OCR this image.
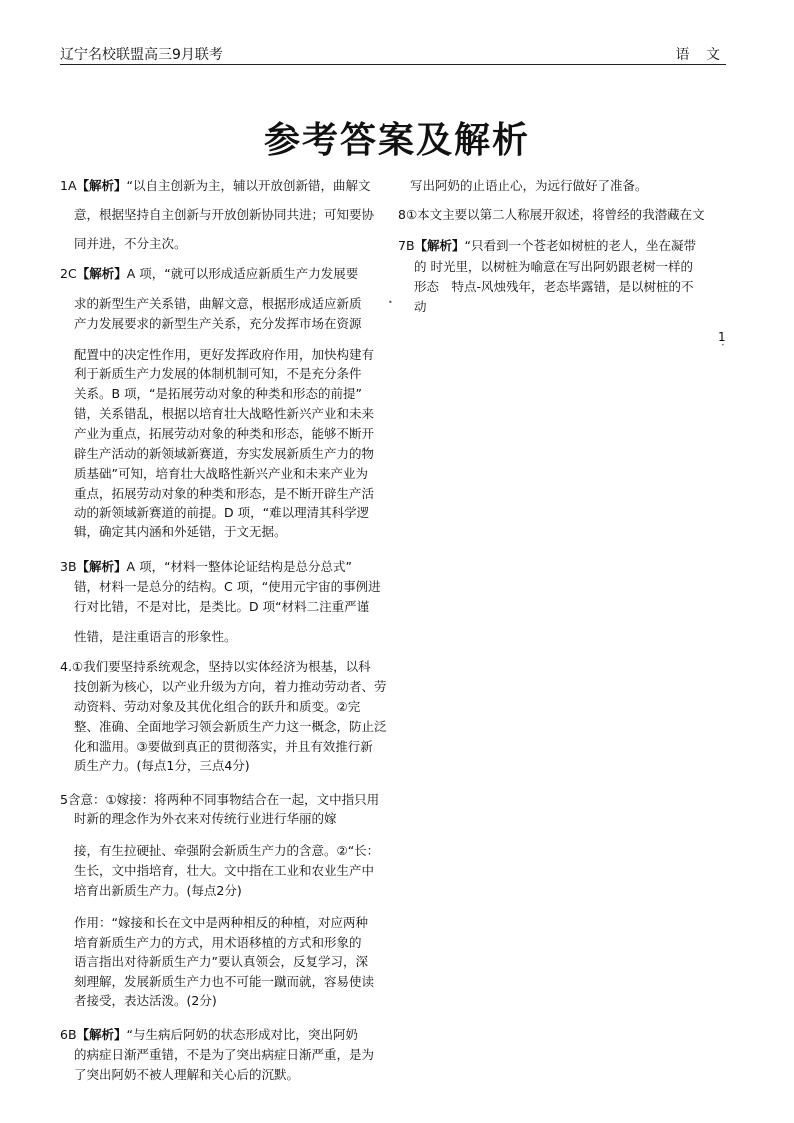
辽宁名校联盟高三9月联考	语 文
参考答案及解析
1A【解析】“以自主创新为主，辅以开放创新错，曲解文
意，根据坚持自主创新与开放创新协同共进；可知要协
同并进，不分主次。
写出阿奶的止语止心，为远行做好了准备。
8①本文主要以第二人称展开叙述，将曾经的我潜藏在文
7B【解析】“只看到一个苍老如树桩的老人，坐在凝带
的 时光里，以树桩为喻意在写出阿奶跟老树一样的
形态　特点-风烛残年，老态毕露错，是以树桩的不
动
1
•
•
2C【解析】A 项，“就可以形成适应新质生产力发展要
求的新型生产关系错，曲解文意，根据形成适应新质
产力发展要求的新型生产关系，充分发挥市场在资源
配置中的决定性作用，更好发挥政府作用，加快构建有
利于新质生产力发展的体制机制可知，不是充分条件
关系。B 项，“是拓展劳动对象的种类和形态的前提”
错，关系错乱，根据以培育壮大战略性新兴产业和未来
产业为重点，拓展劳动对象的种类和形态，能够不断开
辟生产活动的新领域新赛道，夯实发展新质生产力的物
质基础”可知，培育壮大战略性新兴产业和未来产业为
重点，拓展劳动对象的种类和形态，是不断开辟生产活
动的新领域新赛道的前提。D 项，“难以理清其科学逻
辑，确定其内涵和外延错，于文无据。
3B【解析】A 项，“材料一整体论证结构是总分总式”
错，材料一是总分的结构。C 项，“使用元宇宙的事例进
行对比错，不是对比，是类比。D 项“材料二注重严谨
性错，是注重语言的形象性。
4.①我们要坚持系统观念，坚持以实体经济为根基，以科
技创新为核心，以产业升级为方向，着力推动劳动者、劳
动资料、劳动对象及其优化组合的跃升和质变。②完
整、准确、全面地学习领会新质生产力这一概念，防止泛
化和滥用。③要做到真正的贯彻落实，并且有效推行新
质生产力。(每点1分，三点4分)
5含意：①嫁接：将两种不同事物结合在一起，文中指只用
时新的理念作为外衣来对传统行业进行华丽的嫁
接，有生拉硬扯、牵强附会新质生产力的含意。②“长：
生长，文中指培育，壮大。文中指在工业和农业生产中
培育出新质生产力。(每点2分)
作用：“嫁接和长在文中是两种相反的种植，对应两种
培育新质生产力的方式，用术语移植的方式和形象的
语言指出对待新质生产力”要认真领会，反复学习，深
刻理解，发展新质生产力也不可能一蹴而就，容易使读
者接受，表达活泼。(2分)
6B【解析】“与生病后阿奶的状态形成对比，突出阿奶
的病症日渐严重错，不是为了突出病症日渐严重，是为
了突出阿奶不被人理解和关心后的沉默。
